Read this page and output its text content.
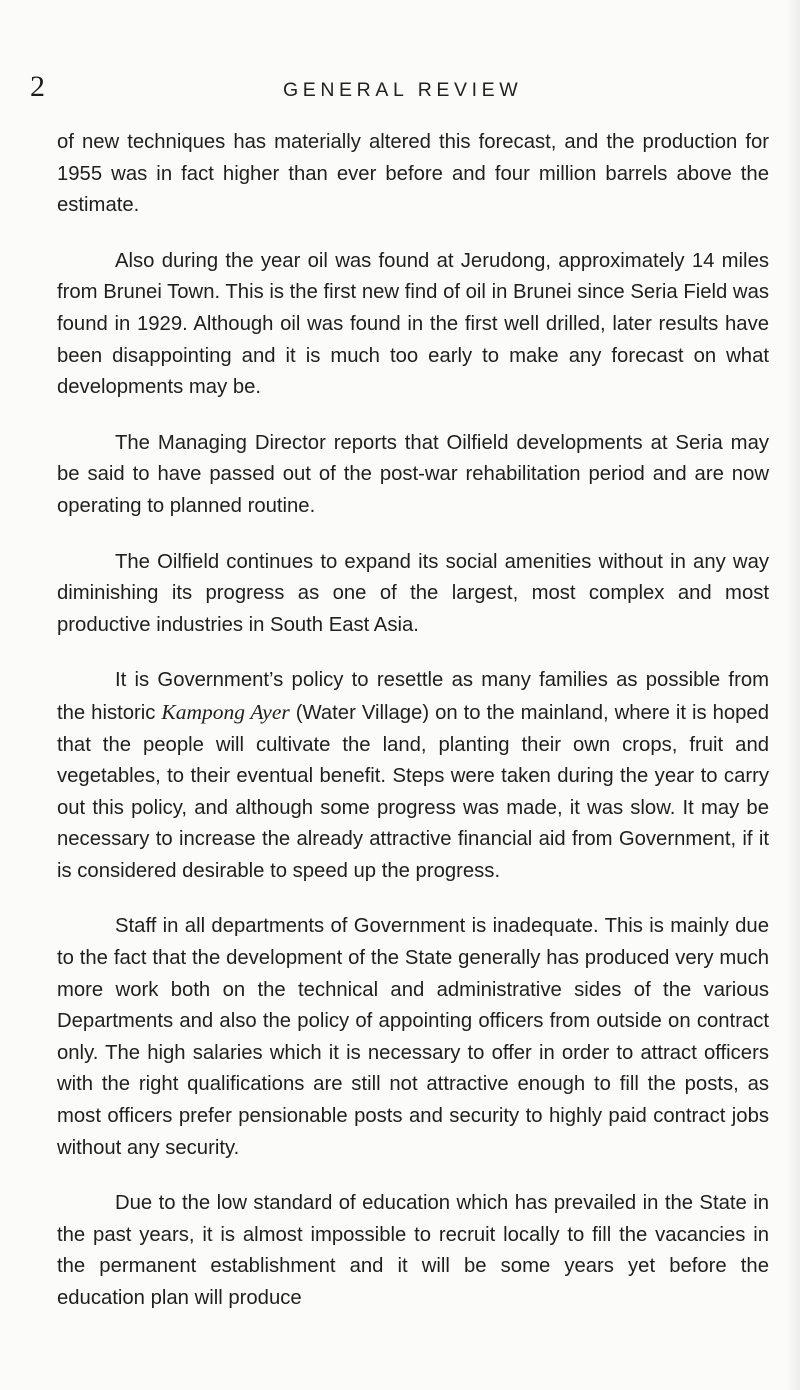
2	GENERAL REVIEW

of new techniques has materially altered this forecast, and the production for 1955 was in fact higher than ever before and four million barrels above the estimate.

Also during the year oil was found at Jerudong, approximately 14 miles from Brunei Town. This is the first new find of oil in Brunei since Seria Field was found in 1929. Although oil was found in the first well drilled, later results have been disappointing and it is much too early to make any forecast on what developments may be.

The Managing Director reports that Oilfield developments at Seria may be said to have passed out of the post-war rehabilitation period and are now operating to planned routine.

The Oilfield continues to expand its social amenities without in any way diminishing its progress as one of the largest, most complex and most productive industries in South East Asia.

It is Government’s policy to resettle as many families as possible from the historic Kampong Ayer (Water Village) on to the mainland, where it is hoped that the people will cultivate the land, planting their own crops, fruit and vegetables, to their eventual benefit. Steps were taken during the year to carry out this policy, and although some progress was made, it was slow. It may be necessary to increase the already attractive financial aid from Government, if it is considered desirable to speed up the progress.

Staff in all departments of Government is inadequate. This is mainly due to the fact that the development of the State generally has produced very much more work both on the technical and administrative sides of the various Departments and also the policy of appointing officers from outside on contract only. The high salaries which it is necessary to offer in order to attract officers with the right qualifications are still not attractive enough to fill the posts, as most officers prefer pensionable posts and security to highly paid contract jobs without any security.

Due to the low standard of education which has prevailed in the State in the past years, it is almost impossible to recruit locally to fill the vacancies in the permanent establishment and it will be some years yet before the education plan will produce
